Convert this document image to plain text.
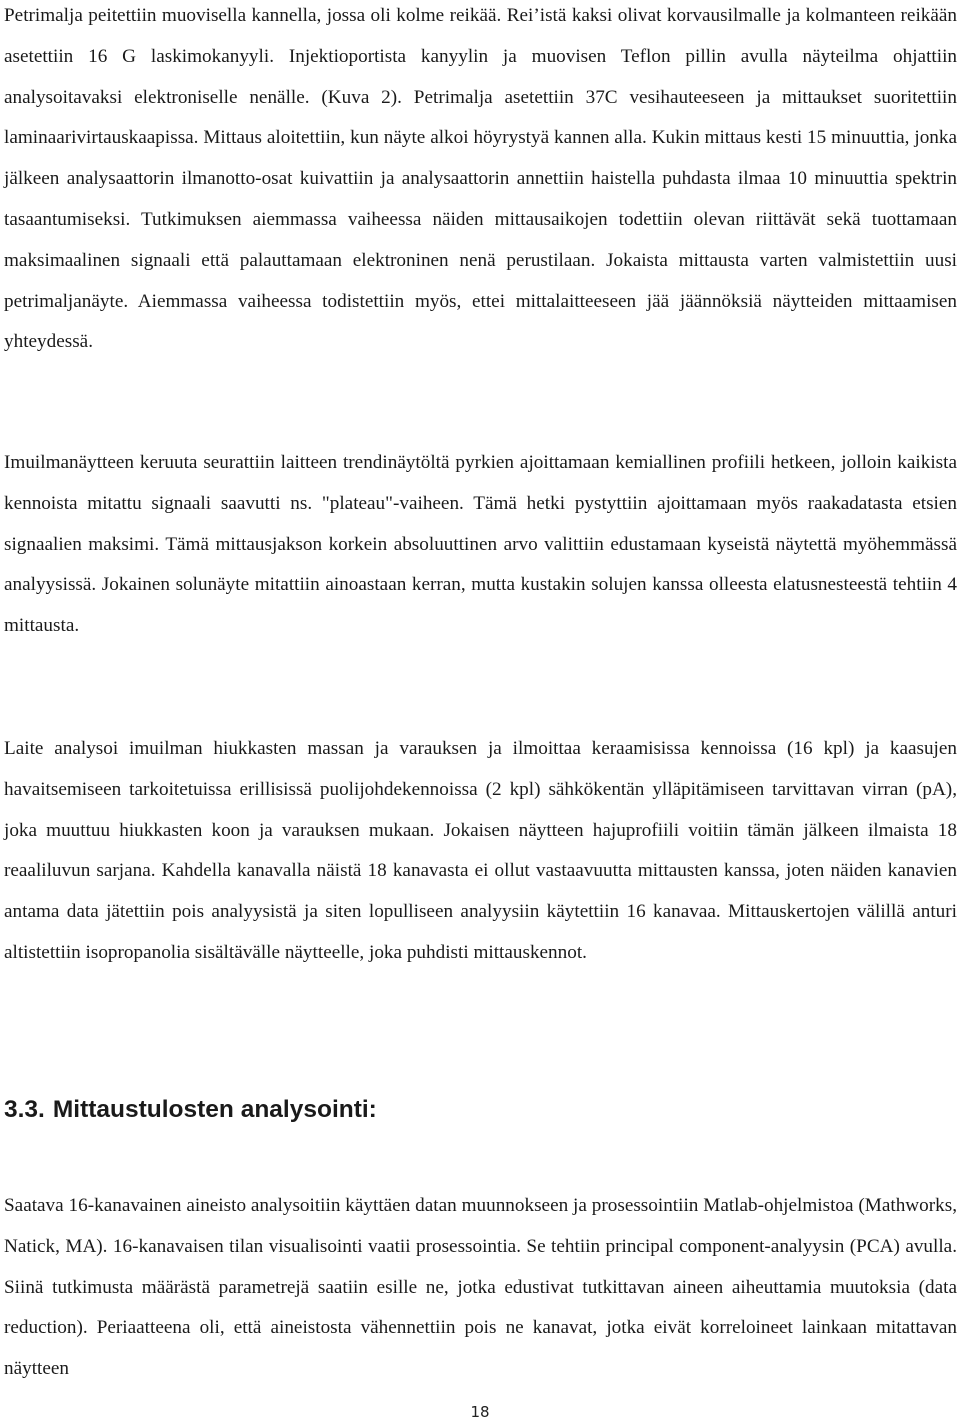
Petrimalja peitettiin muovisella kannella, jossa oli kolme reikää. Rei’istä kaksi olivat korvausilmalle ja kolmanteen reikään asetettiin 16 G laskimokanyyli. Injektioportista kanyylin ja muovisen Teflon pillin avulla näyteilma ohjattiin analysoitavaksi elektroniselle nenälle. (Kuva 2). Petrimalja asetettiin 37C vesihauteeseen ja mittaukset suoritettiin laminaarivirtauskaapissa. Mittaus aloitettiin, kun näyte alkoi höyrystyä kannen alla. Kukin mittaus kesti 15 minuuttia, jonka jälkeen analysaattorin ilmanotto-osat kuivattiin ja analysaattorin annettiin haistella puhdasta ilmaa 10 minuuttia spektrin tasaantumiseksi. Tutkimuksen aiemmassa vaiheessa näiden mittausaikojen todettiin olevan riittävät sekä tuottamaan maksimaalinen signaali että palauttamaan elektroninen nenä perustilaan. Jokaista mittausta varten valmistettiin uusi petrimaljanäyte. Aiemmassa vaiheessa todistettiin myös, ettei mittalaitteeseen jää jäännöksiä näytteiden mittaamisen yhteydessä.

Imuilmanäytteen keruuta seurattiin laitteen trendinäytöltä pyrkien ajoittamaan kemiallinen profiili hetkeen, jolloin kaikista kennoista mitattu signaali saavutti ns. "plateau"-vaiheen. Tämä hetki pystyttiin ajoittamaan myös raakadatasta etsien signaalien maksimi. Tämä mittausjakson korkein absoluuttinen arvo valittiin edustamaan kyseistä näytettä myöhemmässä analyysissä. Jokainen solunäyte mitattiin ainoastaan kerran, mutta kustakin solujen kanssa olleesta elatusnesteestä tehtiin 4 mittausta.

Laite analysoi imuilman hiukkasten massan ja varauksen ja ilmoittaa keraamisissa kennoissa (16 kpl) ja kaasujen havaitsemiseen tarkoitetuissa erillisissä puolijohdekennoissa (2 kpl) sähkökentän ylläpitämiseen tarvittavan virran (pA), joka muuttuu hiukkasten koon ja varauksen mukaan. Jokaisen näytteen hajuprofiili voitiin tämän jälkeen ilmaista 18 reaaliluvun sarjana. Kahdella kanavalla näistä 18 kanavasta ei ollut vastaavuutta mittausten kanssa, joten näiden kanavien antama data jätettiin pois analyysistä ja siten lopulliseen analyysiin käytettiin 16 kanavaa. Mittauskertojen välillä anturi altistettiin isopropanolia sisältävälle näytteelle, joka puhdisti mittauskennot.

3.3. Mittaustulosten analysointi:

Saatava 16-kanavainen aineisto analysoitiin käyttäen datan muunnokseen ja prosessointiin Matlab-ohjelmistoa (Mathworks, Natick, MA). 16-kanavaisen tilan visualisointi vaatii prosessointia. Se tehtiin principal component-analyysin (PCA) avulla. Siinä tutkimusta määrästä parametrejä saatiin esille ne, jotka edustivat tutkittavan aineen aiheuttamia muutoksia (data reduction). Periaatteena oli, että aineistosta vähennettiin pois ne kanavat, jotka eivät korreloineet lainkaan mitattavan näytteen

18
